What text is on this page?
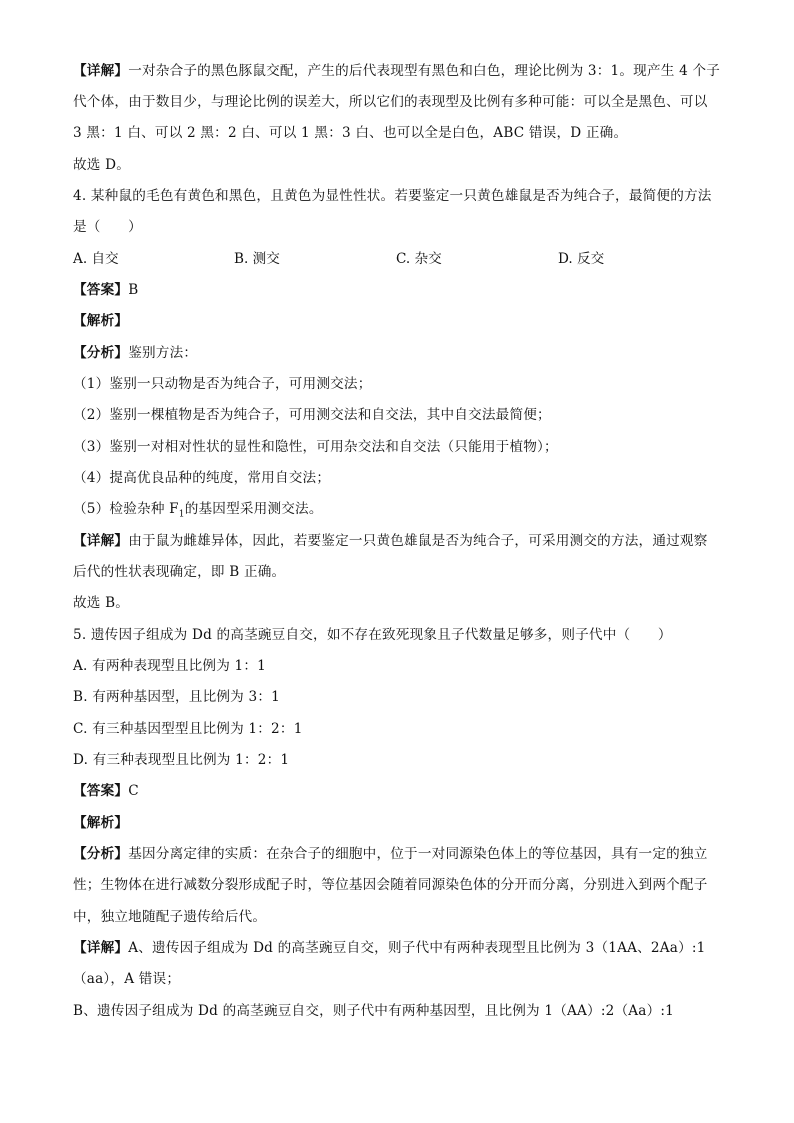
【详解】一对杂合子的黑色豚鼠交配，产生的后代表现型有黑色和白色，理论比例为 3：1。现产生 4 个子
代个体，由于数目少，与理论比例的误差大，所以它们的表现型及比例有多种可能：可以全是黑色、可以
3 黑：1 白、可以 2 黑：2 白、可以 1 黑：3 白、也可以全是白色，ABC 错误，D 正确。
故选 D。
4. 某种鼠的毛色有黄色和黑色，且黄色为显性性状。若要鉴定一只黄色雄鼠是否为纯合子，最简便的方法
是（　　）
A. 自交	B. 测交	C. 杂交	D. 反交
【答案】B
【解析】
【分析】鉴别方法：
（1）鉴别一只动物是否为纯合子，可用测交法；
（2）鉴别一棵植物是否为纯合子，可用测交法和自交法，其中自交法最简便；
（3）鉴别一对相对性状的显性和隐性，可用杂交法和自交法（只能用于植物）；
（4）提高优良品种的纯度，常用自交法；
（5）检验杂种 $F_1$的基因型采用测交法。
【详解】由于鼠为雌雄异体，因此，若要鉴定一只黄色雄鼠是否为纯合子，可采用测交的方法，通过观察
后代的性状表现确定，即 B 正确。
故选 B。
5. 遗传因子组成为 Dd 的高茎豌豆自交，如不存在致死现象且子代数量足够多，则子代中（　　）
A. 有两种表现型且比例为 1：1
B. 有两种基因型，且比例为 3：1
C. 有三种基因型型且比例为 1：2：1
D. 有三种表现型且比例为 1：2：1
【答案】C
【解析】
【分析】基因分离定律的实质：在杂合子的细胞中，位于一对同源染色体上的等位基因，具有一定的独立
性；生物体在进行减数分裂形成配子时，等位基因会随着同源染色体的分开而分离，分别进入到两个配子
中，独立地随配子遗传给后代。
【详解】A、遗传因子组成为 Dd 的高茎豌豆自交，则子代中有两种表现型且比例为 3（1AA、2Aa）:1
（aa），A 错误；
B、遗传因子组成为 Dd 的高茎豌豆自交，则子代中有两种基因型，且比例为 1（AA）:2（Aa）:1
